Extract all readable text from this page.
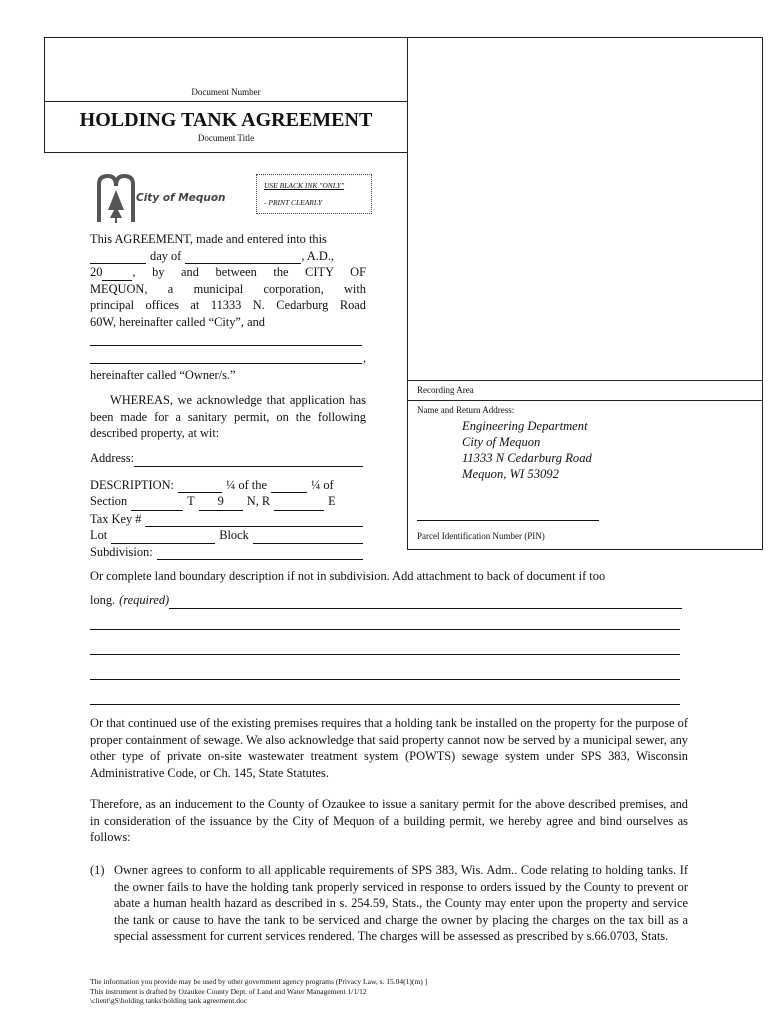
Document Number
HOLDING TANK AGREEMENT
Document Title
City of Mequon
USE BLACK INK "ONLY"
- PRINT CLEARLY
This AGREEMENT, made and entered into this
day of	, A.D.,
20 , by and between the CITY OF
MEQUON, a municipal corporation, with
principal offices at 11333 N. Cedarburg Road
60W, hereinafter called “City”, and
,
hereinafter called “Owner/s.”
WHEREAS, we acknowledge that application has been made for a sanitary permit, on the following described property, at wit:
Address:
DESCRIPTION:	¼ of the	¼ of
Section	T	9	N, R	E
Tax Key #
Lot	Block
Subdivision:
Recording Area
Name and Return Address:
Engineering Department
City of Mequon
11333 N Cedarburg Road
Mequon, WI 53092
Parcel Identification Number (PIN)
Or complete land boundary description if not in subdivision. Add attachment to back of document if too
long. (required)
Or that continued use of the existing premises requires that a holding tank be installed on the property for the purpose of proper containment of sewage. We also acknowledge that said property cannot now be served by a municipal sewer, any other type of private on-site wastewater treatment system (POWTS) sewage system under SPS 383, Wisconsin Administrative Code, or Ch. 145, State Statutes.
Therefore, as an inducement to the County of Ozaukee to issue a sanitary permit for the above described premises, and in consideration of the issuance by the City of Mequon of a building permit, we hereby agree and bind ourselves as follows:
(1) Owner agrees to conform to all applicable requirements of SPS 383, Wis. Adm.. Code relating to holding tanks. If the owner fails to have the holding tank properly serviced in response to orders issued by the County to prevent or abate a human health hazard as described in s. 254.59, Stats., the County may enter upon the property and service the tank or cause to have the tank to be serviced and charge the owner by placing the charges on the tax bill as a special assessment for current services rendered. The charges will be assessed as prescribed by s.66.0703, Stats.
The information you provide may be used by other government agency programs (Privacy Law, s. 15.04(1)(m) ]
This instrument is drafted by Ozaukee County Dept. of Land and Water Management 1/1/12
\client\gS\holding tanks\holding tank agreement.doc
